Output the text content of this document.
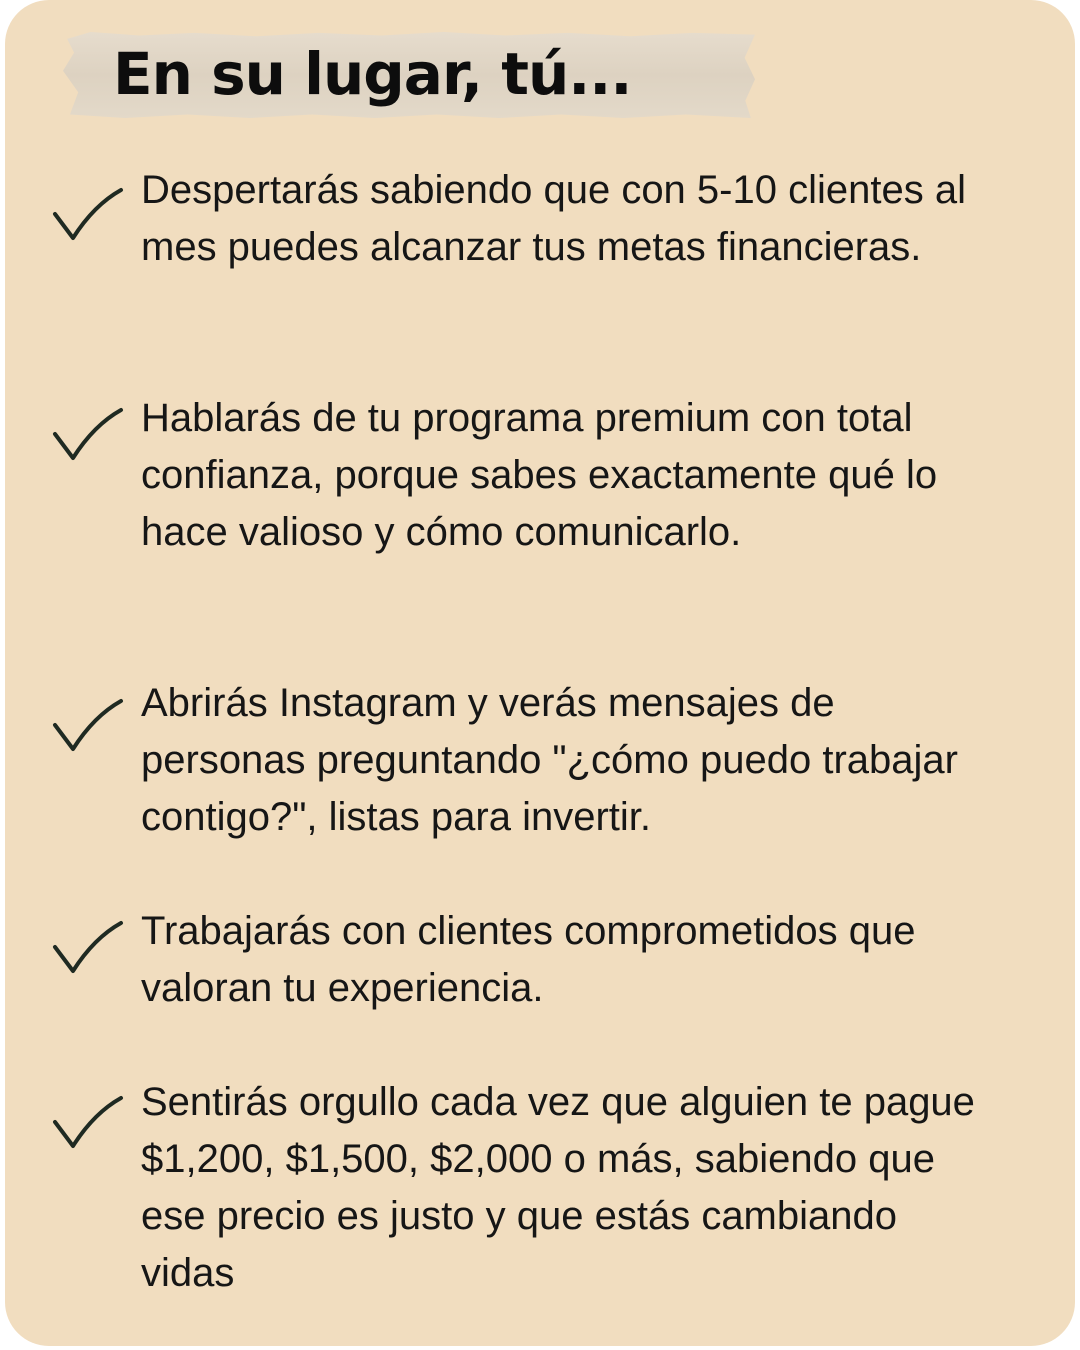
En su lugar, tú...

Despertarás sabiendo que con 5-10 clientes al mes puedes alcanzar tus metas financieras.

Hablarás de tu programa premium con total confianza, porque sabes exactamente qué lo hace valioso y cómo comunicarlo.

Abrirás Instagram y verás mensajes de personas preguntando "¿cómo puedo trabajar contigo?", listas para invertir.

Trabajarás con clientes comprometidos que valoran tu experiencia.

Sentirás orgullo cada vez que alguien te pague $1,200, $1,500, $2,000 o más, sabiendo que ese precio es justo y que estás cambiando vidas
